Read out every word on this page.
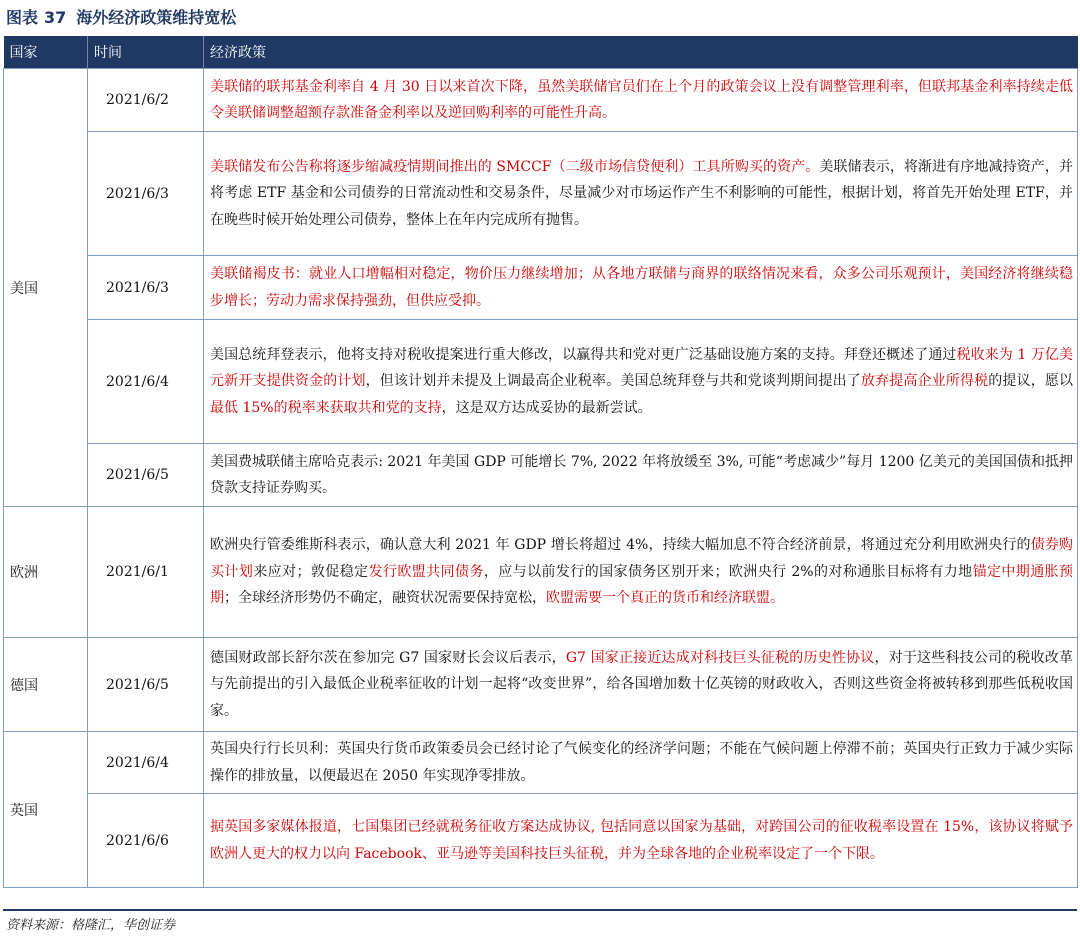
图表 37 海外经济政策维持宽松
国家	时间	经济政策
美国	2021/6/2	美联储的联邦基金利率自 4 月 30 日以来首次下降，虽然美联储官员们在上个月的政策会议上没有调整管理利率，但联邦基金利率持续走低令美联储调整超额存款准备金利率以及逆回购利率的可能性升高。
	2021/6/3	美联储发布公告称将逐步缩减疫情期间推出的 SMCCF（二级市场信贷便利）工具所购买的资产。美联储表示，将渐进有序地减持资产，并将考虑 ETF 基金和公司债券的日常流动性和交易条件，尽量减少对市场运作产生不利影响的可能性，根据计划，将首先开始处理 ETF，并在晚些时候开始处理公司债券，整体上在年内完成所有抛售。
	2021/6/3	美联储褐皮书：就业人口增幅相对稳定，物价压力继续增加；从各地方联储与商界的联络情况来看，众多公司乐观预计，美国经济将继续稳步增长；劳动力需求保持强劲，但供应受抑。
	2021/6/4	美国总统拜登表示，他将支持对税收提案进行重大修改，以赢得共和党对更广泛基础设施方案的支持。拜登还概述了通过税收来为 1 万亿美元新开支提供资金的计划，但该计划并未提及上调最高企业税率。美国总统拜登与共和党谈判期间提出了放弃提高企业所得税的提议，愿以最低 15%的税率来获取共和党的支持，这是双方达成妥协的最新尝试。
	2021/6/5	美国费城联储主席哈克表示: 2021 年美国 GDP 可能增长 7%, 2022 年将放缓至 3%, 可能“考虑减少”每月 1200 亿美元的美国国债和抵押贷款支持证券购买。
欧洲	2021/6/1	欧洲央行管委维斯科表示，确认意大利 2021 年 GDP 增长将超过 4%，持续大幅加息不符合经济前景，将通过充分利用欧洲央行的债券购买计划来应对；敦促稳定发行欧盟共同债务，应与以前发行的国家债务区别开来；欧洲央行 2%的对称通胀目标将有力地锚定中期通胀预期；全球经济形势仍不确定，融资状况需要保持宽松，欧盟需要一个真正的货币和经济联盟。
德国	2021/6/5	德国财政部长舒尔茨在参加完 G7 国家财长会议后表示，G7 国家正接近达成对科技巨头征税的历史性协议，对于这些科技公司的税收改革与先前提出的引入最低企业税率征收的计划一起将“改变世界”，给各国增加数十亿英镑的财政收入，否则这些资金将被转移到那些低税收国家。
英国	2021/6/4	英国央行行长贝利：英国央行货币政策委员会已经讨论了气候变化的经济学问题；不能在气候问题上停滞不前；英国央行正致力于减少实际操作的排放量，以便最迟在 2050 年实现净零排放。
	2021/6/6	据英国多家媒体报道，七国集团已经就税务征收方案达成协议, 包括同意以国家为基础，对跨国公司的征收税率设置在 15%，该协议将赋予欧洲人更大的权力以向 Facebook、亚马逊等美国科技巨头征税，并为全球各地的企业税率设定了一个下限。
资料来源：格隆汇，华创证券
